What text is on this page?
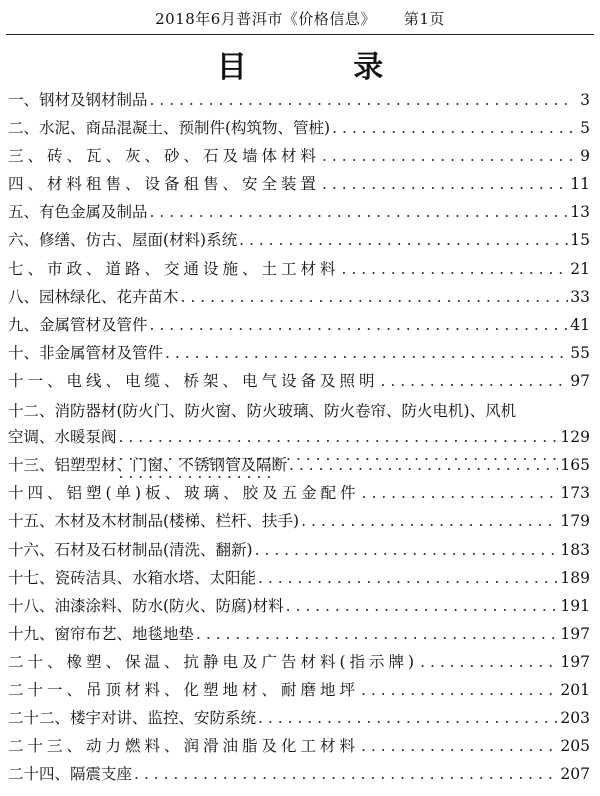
2018年6月普洱市《价格信息》 第1页
目 录
一、钢材及钢材制品 . . .	3
二、水泥、商品混凝土、预制件(构筑物、管桩) . . .	5
三、砖、瓦、灰、砂、石及墙体材料 . . .	9
四、材料租售、设备租售、安全装置 . . .	11
五、有色金属及制品 . . .	13
六、修缮、仿古、屋面(材料)系统 . . .	15
七、市政、道路、交通设施、土工材料 . . .	21
八、园林绿化、花卉苗木 . . .	33
九、金属管材及管件 . . .	41
十、非金属管材及管件 . . .	55
十一、电线、电缆、桥架、电气设备及照明 . . .	97
十二、消防器材(防火门、防火窗、防火玻璃、防火卷帘、防火电机)、风机
空调、水暖泵阀 . . .	129
十三、铝塑型材、门窗、不锈钢管及隔断 . . .	165
十四、铝塑(单)板、玻璃、胶及五金配件 . . .	173
十五、木材及木材制品(楼梯、栏杆、扶手) . . .	179
十六、石材及石材制品(清洗、翻新) . . .	183
十七、瓷砖洁具、水箱水塔、太阳能 . . .	189
十八、油漆涂料、防水(防火、防腐)材料 . . .	191
十九、窗帘布艺、地毯地垫 . . .	197
二十、橡塑、保温、抗静电及广告材料(指示牌) . . .	197
二十一、吊顶材料、化塑地材、耐磨地坪 . . .	201
二十二、楼宇对讲、监控、安防系统 . . .	203
二十三、动力燃料、润滑油脂及化工材料 . . .	205
二十四、隔震支座 . . .	207
